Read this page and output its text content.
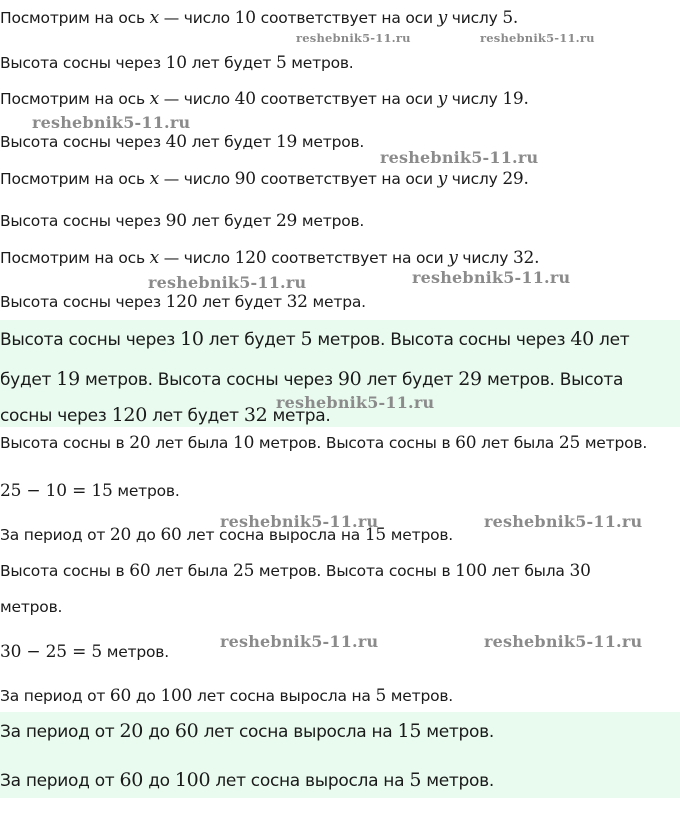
Посмотрим на ось x — число 10 соответствует на оси y числу 5.

Высота сосны через 10 лет будет 5 метров.

Посмотрим на ось x — число 40 соответствует на оси y числу 19.

Высота сосны через 40 лет будет 19 метров.

Посмотрим на ось x — число 90 соответствует на оси y числу 29.

Высота сосны через 90 лет будет 29 метров.

Посмотрим на ось x — число 120 соответствует на оси y числу 32.

Высота сосны через 120 лет будет 32 метра.

Высота сосны через 10 лет будет 5 метров. Высота сосны через 40 лет

будет 19 метров. Высота сосны через 90 лет будет 29 метров. Высота

сосны через 120 лет будет 32 метра.

Высота сосны в 20 лет была 10 метров. Высота сосны в 60 лет была 25 метров.

25 − 10 = 15 метров.

За период от 20 до 60 лет сосна выросла на 15 метров.

Высота сосны в 60 лет была 25 метров. Высота сосны в 100 лет была 30

метров.

30 − 25 = 5 метров.

За период от 60 до 100 лет сосна выросла на 5 метров.

За период от 20 до 60 лет сосна выросла на 15 метров.

За период от 60 до 100 лет сосна выросла на 5 метров.

reshebnik5-11.ru	reshebnik5-11.ru
reshebnik5-11.ru
reshebnik5-11.ru
reshebnik5-11.ru	reshebnik5-11.ru
reshebnik5-11.ru
reshebnik5-11.ru	reshebnik5-11.ru
reshebnik5-11.ru	reshebnik5-11.ru
